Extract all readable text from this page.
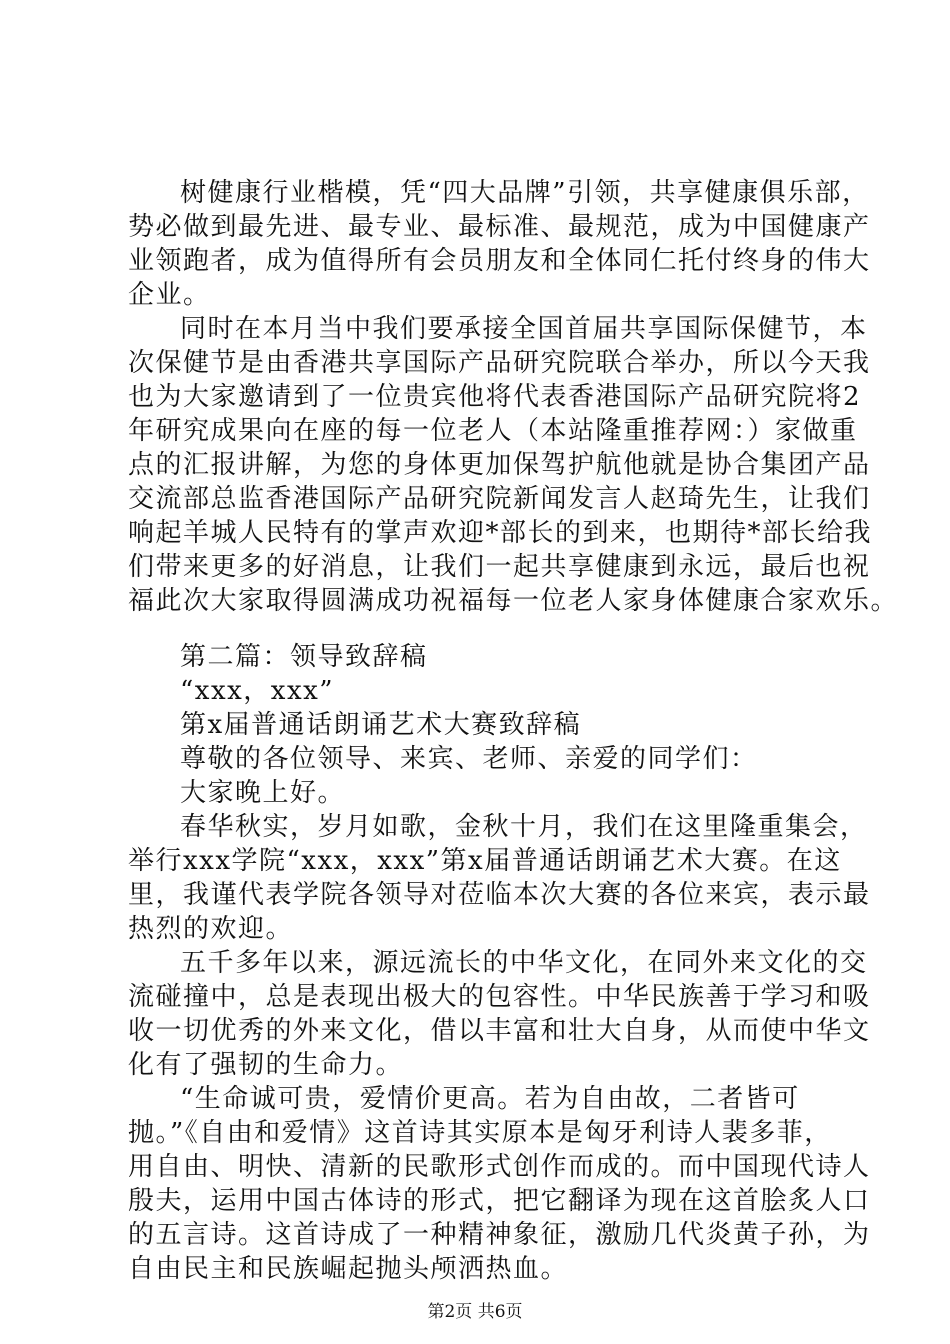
树健康行业楷模，凭“四大品牌”引领，共享健康俱乐部，
势必做到最先进、最专业、最标准、最规范，成为中国健康产
业领跑者，成为值得所有会员朋友和全体同仁托付终身的伟大
企业。
同时在本月当中我们要承接全国首届共享国际保健节，本
次保健节是由香港共享国际产品研究院联合举办，所以今天我
也为大家邀请到了一位贵宾他将代表香港国际产品研究院将2
年研究成果向在座的每一位老人（本站隆重推荐网：）家做重
点的汇报讲解，为您的身体更加保驾护航他就是协合集团产品
交流部总监香港国际产品研究院新闻发言人赵琦先生，让我们
响起羊城人民特有的掌声欢迎*部长的到来，也期待*部长给我
们带来更多的好消息，让我们一起共享健康到永远，最后也祝
福此次大家取得圆满成功祝福每一位老人家身体健康合家欢乐。
第二篇：领导致辞稿
“xxx，xxx”
第x届普通话朗诵艺术大赛致辞稿
尊敬的各位领导、来宾、老师、亲爱的同学们：
大家晚上好。
春华秋实，岁月如歌，金秋十月，我们在这里隆重集会，
举行xxx学院“xxx，xxx”第x届普通话朗诵艺术大赛。在这
里，我谨代表学院各领导对莅临本次大赛的各位来宾，表示最
热烈的欢迎。
五千多年以来，源远流长的中华文化，在同外来文化的交
流碰撞中，总是表现出极大的包容性。中华民族善于学习和吸
收一切优秀的外来文化，借以丰富和壮大自身，从而使中华文
化有了强韧的生命力。
“生命诚可贵，爱情价更高。若为自由故，二者皆可
抛。”《自由和爱情》这首诗其实原本是匈牙利诗人裴多菲，
用自由、明快、清新的民歌形式创作而成的。而中国现代诗人
殷夫，运用中国古体诗的形式，把它翻译为现在这首脍炙人口
的五言诗。这首诗成了一种精神象征，激励几代炎黄子孙，为
自由民主和民族崛起抛头颅洒热血。
第2页 共6页
